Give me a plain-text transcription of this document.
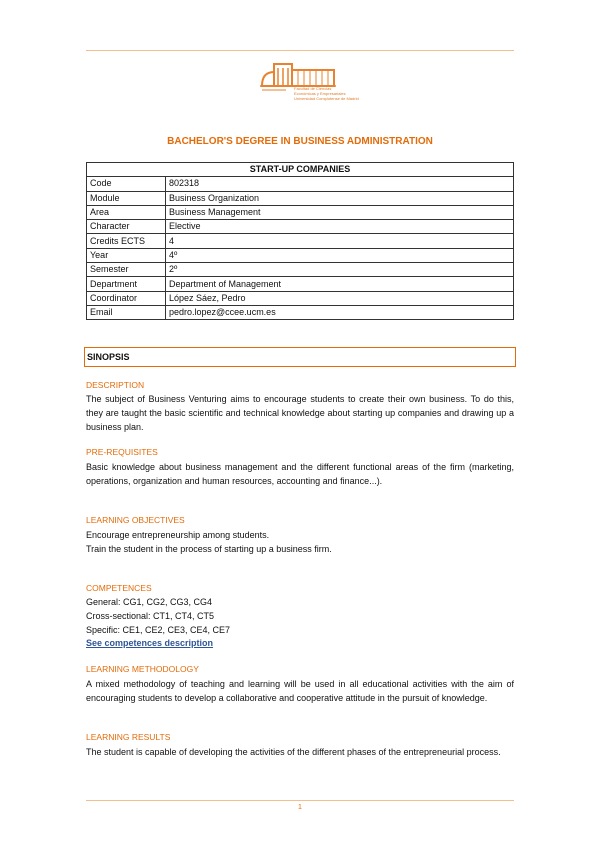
Facultad de Ciencias
Económicas y Empresariales
Universidad Complutense de Madrid
BACHELOR'S DEGREE IN BUSINESS ADMINISTRATION
START-UP COMPANIES	
Code	802318
Module	Business Organization
Area	Business Management
Character	Elective
Credits ECTS	4
Year	4º
Semester	2º
Department	Department of Management
Coordinator	López Sáez, Pedro
Email	pedro.lopez@ccee.ucm.es
SINOPSIS
DESCRIPTION
The subject of Business Venturing aims to encourage students to create their own business. To do this, they are taught the basic scientific and technical knowledge about starting up companies and drawing up a business plan.
PRE-REQUISITES
Basic knowledge about business management and the different functional areas of the firm (marketing, operations, organization and human resources, accounting and finance...).
LEARNING OBJECTIVES
Encourage entrepreneurship among students.
Train the student in the process of starting up a business firm.
COMPETENCES
General: CG1, CG2, CG3, CG4
Cross-sectional: CT1, CT4, CT5
Specific: CE1, CE2, CE3, CE4, CE7
See competences description
LEARNING METHODOLOGY
A mixed methodology of teaching and learning will be used in all educational activities with the aim of encouraging students to develop a collaborative and cooperative attitude in the pursuit of knowledge.
LEARNING RESULTS
The student is capable of developing the activities of the different phases of the entrepreneurial process.
1
